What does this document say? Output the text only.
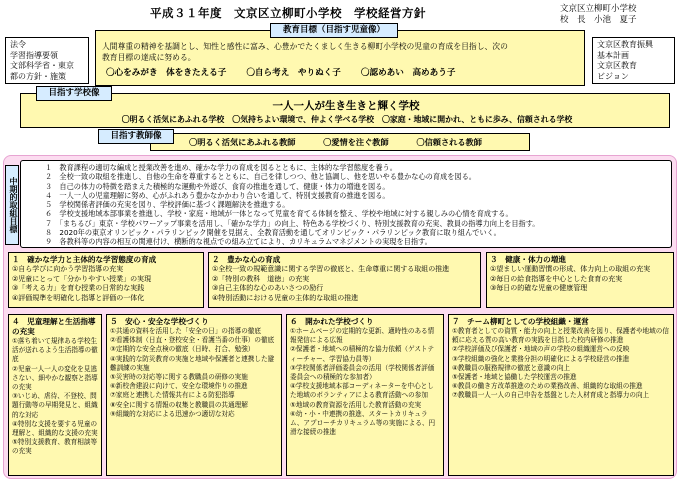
平成３１年度　文京区立柳町小学校　学校経営方針	文京区立柳町小学校
校　長　小池　夏子
法令
学習指導要領
文部科学省・東京
都の方針・施策
文京区教育振興
基本計画
文京区教育
ビジョン
人間尊重の精神を基調とし、知性と感性に富み、心豊かでたくましく生きる柳町小学校の児童の育成を目指し、次の
教育目標の達成に努める。
〇心をみがき　体をきたえる子 〇自ら考え　やりぬく子 〇認めあい　高めあう子
教育目標（目指す児童像）
一人一人が生き生きと輝く学校
〇明るく活気にあふれる学校　〇気持ちよい環境で、仲よく学べる学校　〇家庭・地域に開かれ、ともに歩み、信頼される学校
目指す学校像
〇明るく活気にあふれる教師	〇愛情を注ぐ教師	〇信頼される教師
目指す教師像
１　教育課程の適切な編成と授業改善を進め、確かな学力の育成を図るとともに、主体的な学習態度を養う。
２　全校一致の取組を推進し、自他の生命を尊重するとともに、自己を律しつつ、他と協調し、他を思いやる豊かな心の育成を図る。
３　自己の体力の特徴を踏まえた積極的な運動や外遊び、食育の推進を通して、健康・体力の増進を図る。
４　一人一人の児童理解に努め、心がふれあう豊かなかかわり合いを通して、特別支援教育の推進を図る。
５　学校関係者評価の充実を図り、学校評価に基づく課題解決を推進する。
６　学校支援地域本部事業を推進し、学校・家庭・地域が一体となって児童を育てる体制を整え、学校や地域に対する親しみの心情を育成する。
７　「まちるび」東京・学校パワーアップ事業を活用し、「確かな学力」の向上、特色ある学校づくり、特別支援教育の充実、教員の指導力向上を目指す。
８　2020年の東京オリンピック・パラリンピック開催を見据え、全教育活動を通してオリンピック・パラリンピック教育に取り組んでいく。
９　各教科等の内容の相互の関連付け、横断的な視点での組み立てにより、カリキュラムマネジメントの実現を目指す。
中期的取組目標
１　確かな学力と主体的な学習態度の育成
①自ら学びに向かう学習指導の充実
②児童にとって「分かりやすい授業」の実現
③「考える力」を育む授業の日常的な実践
④評価規準を明確化し指導と評価の一体化
２　豊かな心の育成
①全校一致の規範意識に関する学習の徹底と、生命尊重に関する取組の推進
②「特別の教科　道徳」の充実
③自己主体的な心のあいさつの励行
④特別活動における児童の主体的な取組の推進
３　健康・体力の増進
①望ましい運動習慣の形成、体力向上の取組の充実
②毎日の給食指導を中心とした食育の充実
③毎日の的確な児童の健康管理
４　児童理解と生活指導の充実
①落ち着いて規律ある学校生活が送れるよう生活指導の徹底
②児童一人一人の変化を見逃さない、細やかな観察と指導の充実
③いじめ、虐待、不登校、問題行動等の早期発見と、組織的な対応
④特別な支援を要する児童の理解と、組織的な支援の充実
⑤特別支援教育、教育相談等の充実
５　安心・安全な学校づくり
①共通の資料を活用した「安全の日」の指導の徹底
②看護体制（日直・登校安全・看護当番の仕事）の徹底
③定期的な安全点検の徹底（日時、打合、勉強）
④実践的な防災教育の実施と地域や保護者と連携した避難訓練の実施
⑤災害時の対応等に関する教職員の研修の実施
⑥新校舎建設に向けて、安全な環境作りの推進
⑦家庭と連携した情報共有による防犯指導
⑧安全に関する情報の収集と教職員の共通理解
⑨組織的な対応による迅速かつ適切な対応
６　開かれた学校づくり
①ホームページの定期的な更新、適時性のある情報発信による広報
②保護者・地域への積極的な協力依頼（ゲストティーチャー、学習協力員等）
③学校関係者評価委員会の活用（学校関係者評価委員会への積極的な参加者）
④学校支援地域本部コーディネーターを中心とした地域のボランティアによる教育活動への参加
⑤地域の教育資源を活用した教育活動の充実
⑥幼・小・中連携の推進、スタートカリキュラム、アプローチカリキュラム等の実施による、円滑な接続の推進
７　チーム柳町としての学校組織・運営
①教育者としての資質・能力の向上と授業改善を図り、保護者や地域の信頼に応える質の高い教育の実践を目指した校内研修の推進
②学校評価及び保護者・地域の声の学校の組織運営への反映
③学校組織の強化と業務分担の明確化による学校経営の推進
④教職員の服務規律の徹底と意識の向上
⑤保護者・地域と協働した学校運営の推進
⑥教員の働き方改革推進のための業務改善、組織的な取組の推進
⑦教職員一人一人の自己申告を基盤とした人材育成と指導力の向上
